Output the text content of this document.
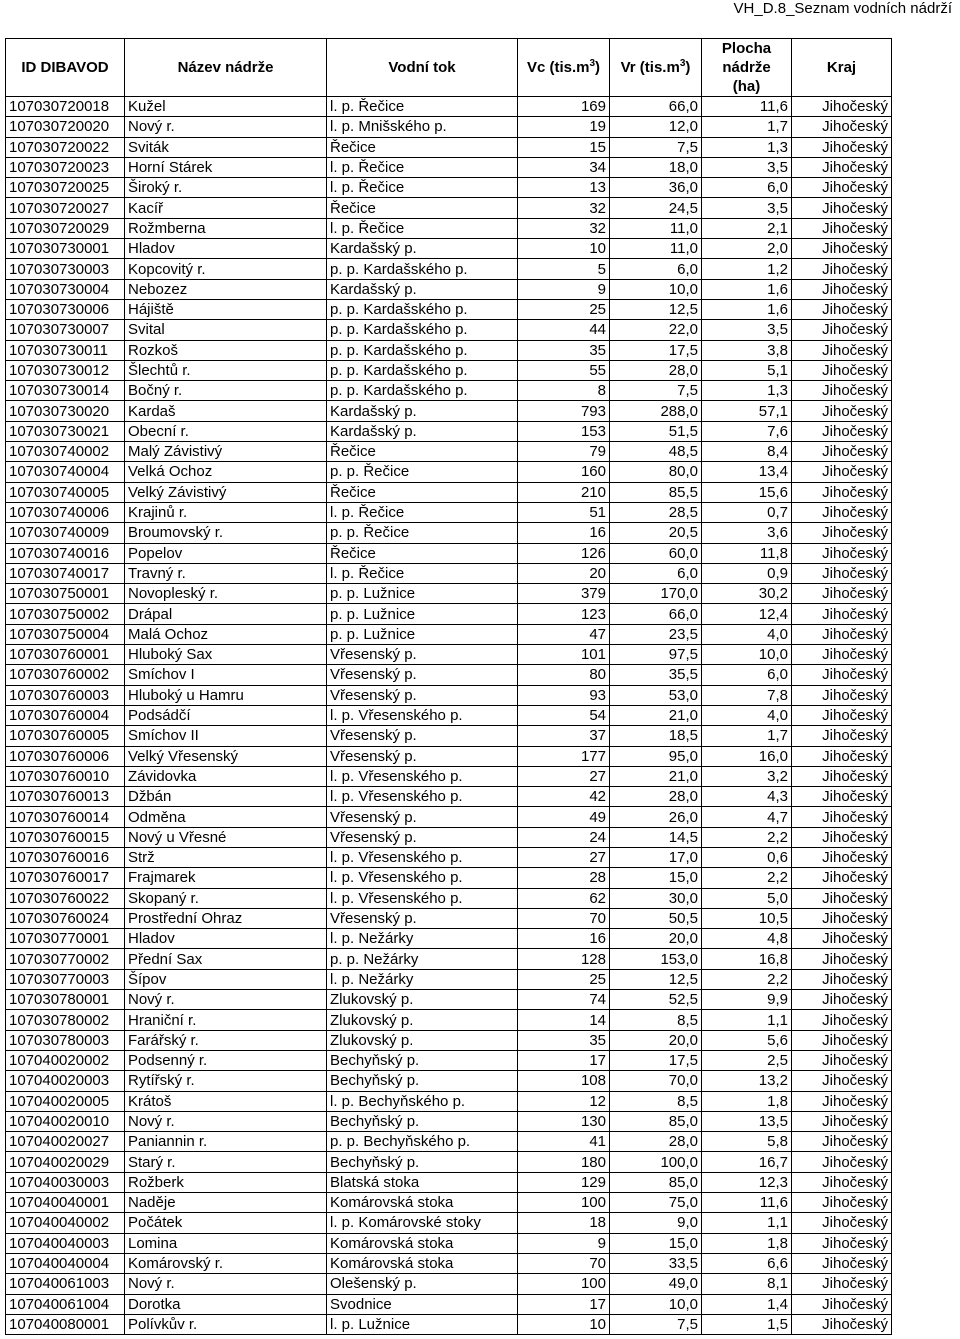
VH_D.8_Seznam vodních nádrží
ID DIBAVOD	Název nádrže	Vodní tok	Vc $(tis.m^3)$	Vr $(tis.m^3)$	Plocha
nádrže
(ha)	Kraj
107030720018	Kužel	l. p. Řečice	169	66,0	11,6	Jihočeský
107030720020	Nový r.	l. p. Mnišského p.	19	12,0	1,7	Jihočeský
107030720022	Sviták	Řečice	15	7,5	1,3	Jihočeský
107030720023	Horní Stárek	l. p. Řečice	34	18,0	3,5	Jihočeský
107030720025	Široký r.	l. p. Řečice	13	36,0	6,0	Jihočeský
107030720027	Kacíř	Řečice	32	24,5	3,5	Jihočeský
107030720029	Rožmberna	l. p. Řečice	32	11,0	2,1	Jihočeský
107030730001	Hladov	Kardašský p.	10	11,0	2,0	Jihočeský
107030730003	Kopcovitý r.	p. p. Kardašského p.	5	6,0	1,2	Jihočeský
107030730004	Nebozez	Kardašský p.	9	10,0	1,6	Jihočeský
107030730006	Hájiště	p. p. Kardašského p.	25	12,5	1,6	Jihočeský
107030730007	Svital	p. p. Kardašského p.	44	22,0	3,5	Jihočeský
107030730011	Rozkoš	p. p. Kardašského p.	35	17,5	3,8	Jihočeský
107030730012	Šlechtů r.	p. p. Kardašského p.	55	28,0	5,1	Jihočeský
107030730014	Bočný r.	p. p. Kardašského p.	8	7,5	1,3	Jihočeský
107030730020	Kardaš	Kardašský p.	793	288,0	57,1	Jihočeský
107030730021	Obecní r.	Kardašský p.	153	51,5	7,6	Jihočeský
107030740002	Malý Závistivý	Řečice	79	48,5	8,4	Jihočeský
107030740004	Velká Ochoz	p. p. Řečice	160	80,0	13,4	Jihočeský
107030740005	Velký Závistivý	Řečice	210	85,5	15,6	Jihočeský
107030740006	Krajinů r.	l. p. Řečice	51	28,5	0,7	Jihočeský
107030740009	Broumovský r.	p. p. Řečice	16	20,5	3,6	Jihočeský
107030740016	Popelov	Řečice	126	60,0	11,8	Jihočeský
107030740017	Travný r.	l. p. Řečice	20	6,0	0,9	Jihočeský
107030750001	Novopleský r.	p. p. Lužnice	379	170,0	30,2	Jihočeský
107030750002	Drápal	p. p. Lužnice	123	66,0	12,4	Jihočeský
107030750004	Malá Ochoz	p. p. Lužnice	47	23,5	4,0	Jihočeský
107030760001	Hluboký Sax	Vřesenský p.	101	97,5	10,0	Jihočeský
107030760002	Smíchov I	Vřesenský p.	80	35,5	6,0	Jihočeský
107030760003	Hluboký u Hamru	Vřesenský p.	93	53,0	7,8	Jihočeský
107030760004	Podsádčí	l. p. Vřesenského p.	54	21,0	4,0	Jihočeský
107030760005	Smíchov II	Vřesenský p.	37	18,5	1,7	Jihočeský
107030760006	Velký Vřesenský	Vřesenský p.	177	95,0	16,0	Jihočeský
107030760010	Závidovka	l. p. Vřesenského p.	27	21,0	3,2	Jihočeský
107030760013	Džbán	l. p. Vřesenského p.	42	28,0	4,3	Jihočeský
107030760014	Odměna	Vřesenský p.	49	26,0	4,7	Jihočeský
107030760015	Nový u Vřesné	Vřesenský p.	24	14,5	2,2	Jihočeský
107030760016	Strž	l. p. Vřesenského p.	27	17,0	0,6	Jihočeský
107030760017	Frajmarek	l. p. Vřesenského p.	28	15,0	2,2	Jihočeský
107030760022	Skopaný r.	l. p. Vřesenského p.	62	30,0	5,0	Jihočeský
107030760024	Prostřední Ohraz	Vřesenský p.	70	50,5	10,5	Jihočeský
107030770001	Hladov	l. p. Nežárky	16	20,0	4,8	Jihočeský
107030770002	Přední Sax	p. p. Nežárky	128	153,0	16,8	Jihočeský
107030770003	Šípov	l. p. Nežárky	25	12,5	2,2	Jihočeský
107030780001	Nový r.	Zlukovský p.	74	52,5	9,9	Jihočeský
107030780002	Hraniční r.	Zlukovský p.	14	8,5	1,1	Jihočeský
107030780003	Farářský r.	Zlukovský p.	35	20,0	5,6	Jihočeský
107040020002	Podsenný r.	Bechyňský p.	17	17,5	2,5	Jihočeský
107040020003	Rytířský r.	Bechyňský p.	108	70,0	13,2	Jihočeský
107040020005	Krátoš	l. p. Bechyňského p.	12	8,5	1,8	Jihočeský
107040020010	Nový r.	Bechyňský p.	130	85,0	13,5	Jihočeský
107040020027	Paniannin r.	p. p. Bechyňského p.	41	28,0	5,8	Jihočeský
107040020029	Starý r.	Bechyňský p.	180	100,0	16,7	Jihočeský
107040030003	Rožberk	Blatská stoka	129	85,0	12,3	Jihočeský
107040040001	Naděje	Komárovská stoka	100	75,0	11,6	Jihočeský
107040040002	Počátek	l. p. Komárovské stoky	18	9,0	1,1	Jihočeský
107040040003	Lomina	Komárovská stoka	9	15,0	1,8	Jihočeský
107040040004	Komárovský r.	Komárovská stoka	70	33,5	6,6	Jihočeský
107040061003	Nový r.	Olešenský p.	100	49,0	8,1	Jihočeský
107040061004	Dorotka	Svodnice	17	10,0	1,4	Jihočeský
107040080001	Polívkův r.	l. p. Lužnice	10	7,5	1,5	Jihočeský
